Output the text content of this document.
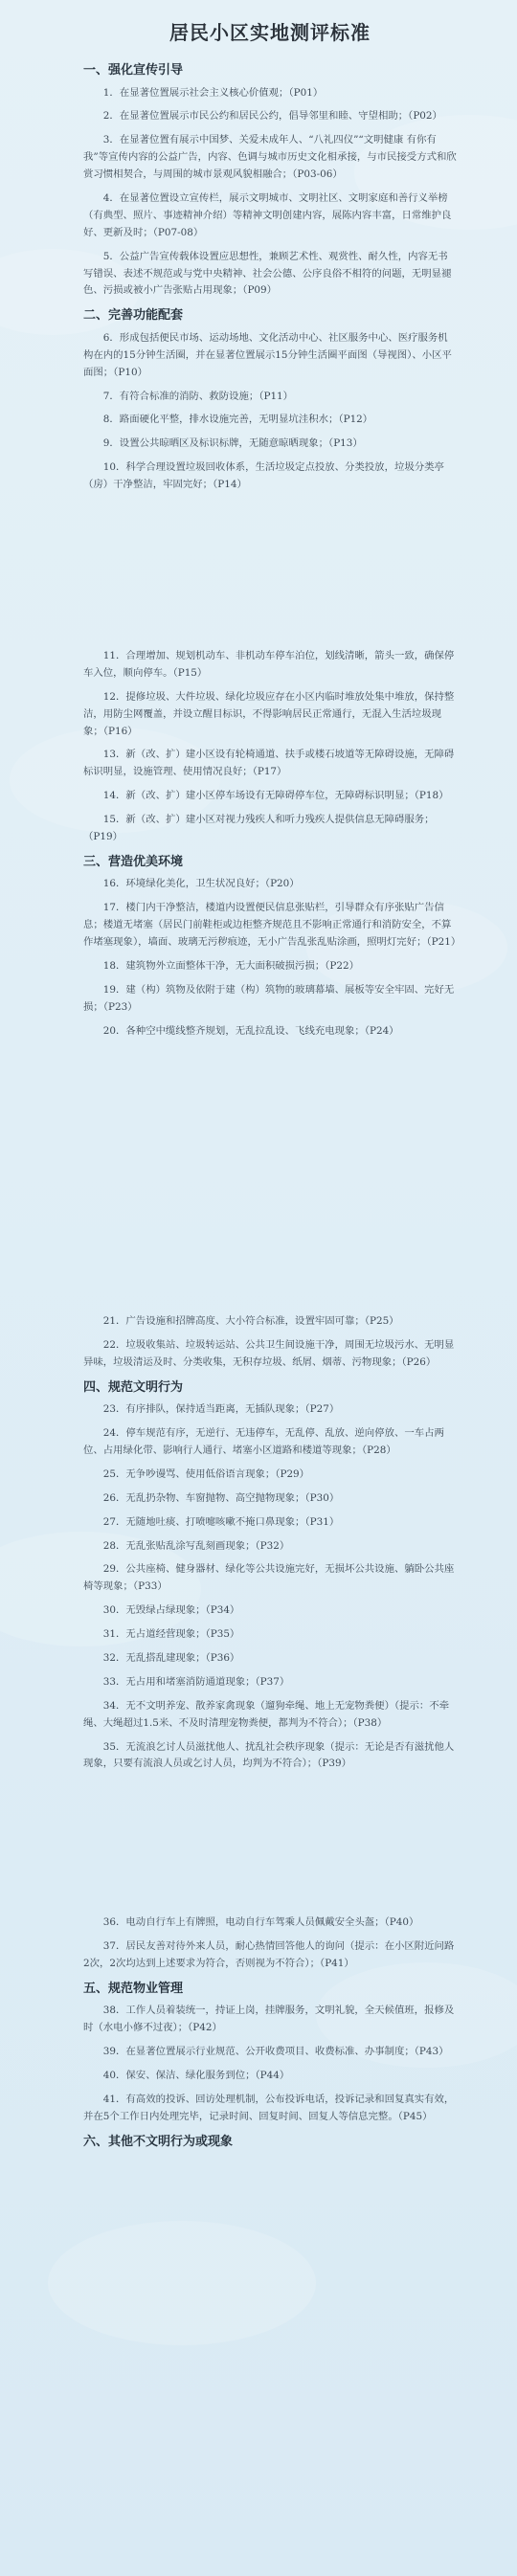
居民小区实地测评标准
一、强化宣传引导
1．在显著位置展示社会主义核心价值观；（P01）
2．在显著位置展示市民公约和居民公约，倡导邻里和睦、守望相助；（P02）
3．在显著位置有展示中国梦、关爱未成年人、“八礼四仪”“文明健康 有你有我”等宣传内容的公益广告，内容、色调与城市历史文化相承接，与市民接受方式和欣赏习惯相契合，与周围的城市景观风貌相融合；（P03-06）
4．在显著位置设立宣传栏，展示文明城市、文明社区、文明家庭和善行义举榜（有典型、照片、事迹精神介绍）等精神文明创建内容，展陈内容丰富，日常维护良好、更新及时；（P07-08）
5．公益广告宣传载体设置应思想性，兼顾艺术性、观赏性、耐久性，内容无书写错误、表述不规范或与党中央精神、社会公德、公序良俗不相符的问题，无明显褪色、污损或被小广告张贴占用现象；（P09）
二、完善功能配套
6．形成包括便民市场、运动场地、文化活动中心、社区服务中心、医疗服务机构在内的15分钟生活圈，并在显著位置展示15分钟生活圈平面图（导视图）、小区平面图；（P10）
7．有符合标准的消防、救防设施；（P11）
8．路面硬化平整，排水设施完善，无明显坑洼积水；（P12）
9．设置公共晾晒区及标识标牌，无随意晾晒现象；（P13）
10．科学合理设置垃圾回收体系，生活垃圾定点投放、分类投放，垃圾分类亭（房）干净整洁，牢固完好；（P14）
11．合理增加、规划机动车、非机动车停车泊位，划线清晰，箭头一致，确保停车入位，顺向停车。（P15）
12．提修垃圾、大件垃圾、绿化垃圾应存在小区内临时堆放处集中堆放，保持整洁，用防尘网覆盖，并设立醒目标识，不得影响居民正常通行，无混入生活垃圾现象；（P16）
13．新（改、扩）建小区设有轮椅通道、扶手或楼石坡道等无障碍设施，无障碍标识明显，设施管理、使用情况良好；（P17）
14．新（改、扩）建小区停车场设有无障碍停车位，无障碍标识明显；（P18）
15．新（改、扩）建小区对视力残疾人和听力残疾人提供信息无障碍服务；（P19）
三、营造优美环境
16．环境绿化美化，卫生状况良好；（P20）
17．楼门内干净整洁，楼道内设置便民信息张贴栏，引导群众有序张贴广告信息；楼道无堵塞（居民门前鞋柜或边柜整齐规范且不影响正常通行和消防安全，不算作堵塞现象），墙面、玻璃无污秽痕迹，无小广告乱张乱贴涂画，照明灯完好；（P21）
18．建筑物外立面整体干净，无大面积破损污损；（P22）
19．建（构）筑物及依附于建（构）筑物的玻璃幕墙、展板等安全牢固、完好无损；（P23）
20．各种空中缆线整齐规划，无乱拉乱设、飞线充电现象；（P24）
21．广告设施和招牌高度、大小符合标准，设置牢固可靠；（P25）
22．垃圾收集站、垃圾转运站、公共卫生间设施干净，周围无垃圾污水、无明显异味，垃圾清运及时、分类收集，无积存垃圾、纸屑、烟蒂、污物现象；（P26）
四、规范文明行为
23．有序排队，保持适当距离，无插队现象；（P27）
24．停车规范有序，无逆行、无违停车，无乱停、乱放、逆向停放、一车占两位、占用绿化带、影响行人通行、堵塞小区道路和楼道等现象；（P28）
25．无争吵谩骂、使用低俗语言现象；（P29）
26．无乱扔杂物、车窗抛物、高空抛物现象；（P30）
27．无随地吐痰、打喷嚏咳嗽不掩口鼻现象；（P31）
28．无乱张贴乱涂写乱刻画现象；（P32）
29．公共座椅、健身器材、绿化等公共设施完好，无损坏公共设施、躺卧公共座椅等现象；（P33）
30．无毁绿占绿现象；（P34）
31．无占道经营现象；（P35）
32．无乱搭乱建现象；（P36）
33．无占用和堵塞消防通道现象；（P37）
34．无不文明养宠、散养家禽现象（遛狗牵绳、地上无宠物粪便）（提示：不牵绳、大绳超过1.5米、不及时清理宠物粪便，都判为不符合）；（P38）
35．无流浪乞讨人员滋扰他人、扰乱社会秩序现象（提示：无论是否有滋扰他人现象，只要有流浪人员或乞讨人员，均判为不符合）；（P39）
36．电动自行车上有牌照，电动自行车驾乘人员佩戴安全头盔；（P40）
37．居民友善对待外来人员，耐心热情回答他人的询问（提示：在小区附近问路2次，2次均达到上述要求为符合，否则视为不符合）；（P41）
五、规范物业管理
38．工作人员着装统一，持证上岗，挂牌服务，文明礼貌，全天候值班，报修及时（水电小修不过夜）；（P42）
39．在显著位置展示行业规范、公开收费项目、收费标准、办事制度；（P43）
40．保安、保洁、绿化服务到位；（P44）
41．有高效的投诉、回访处理机制，公布投诉电话，投诉记录和回复真实有效，并在5个工作日内处理完毕，记录时间、回复时间、回复人等信息完整。（P45）
六、其他不文明行为或现象
